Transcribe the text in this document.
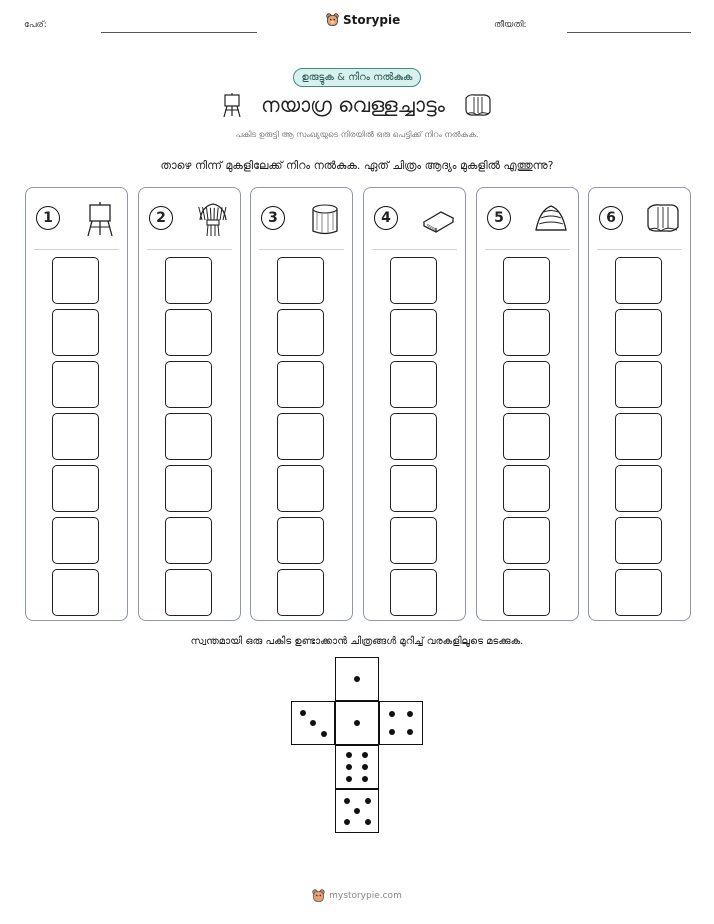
പേര്:	Storypie	തീയതി:
ഉരുട്ടുക & നിറം നൽകുക
നയാഗ്ര വെള്ളച്ചാട്ടം
പകിട ഉരുട്ടി ആ സംഖ്യയുടെ നിരയിൽ ഒരു പെട്ടിക്ക് നിറം നൽകുക.
താഴെ നിന്ന് മുകളിലേക്ക് നിറം നൽകുക. ഏത് ചിത്രം ആദ്യം മുകളിൽ എത്തുന്നു?
1	2	3	4	5	6
സ്വന്തമായി ഒരു പകിട ഉണ്ടാക്കാൻ ചിത്രങ്ങൾ മുറിച്ച് വരകളിലൂടെ മടക്കുക.
mystorypie.com
